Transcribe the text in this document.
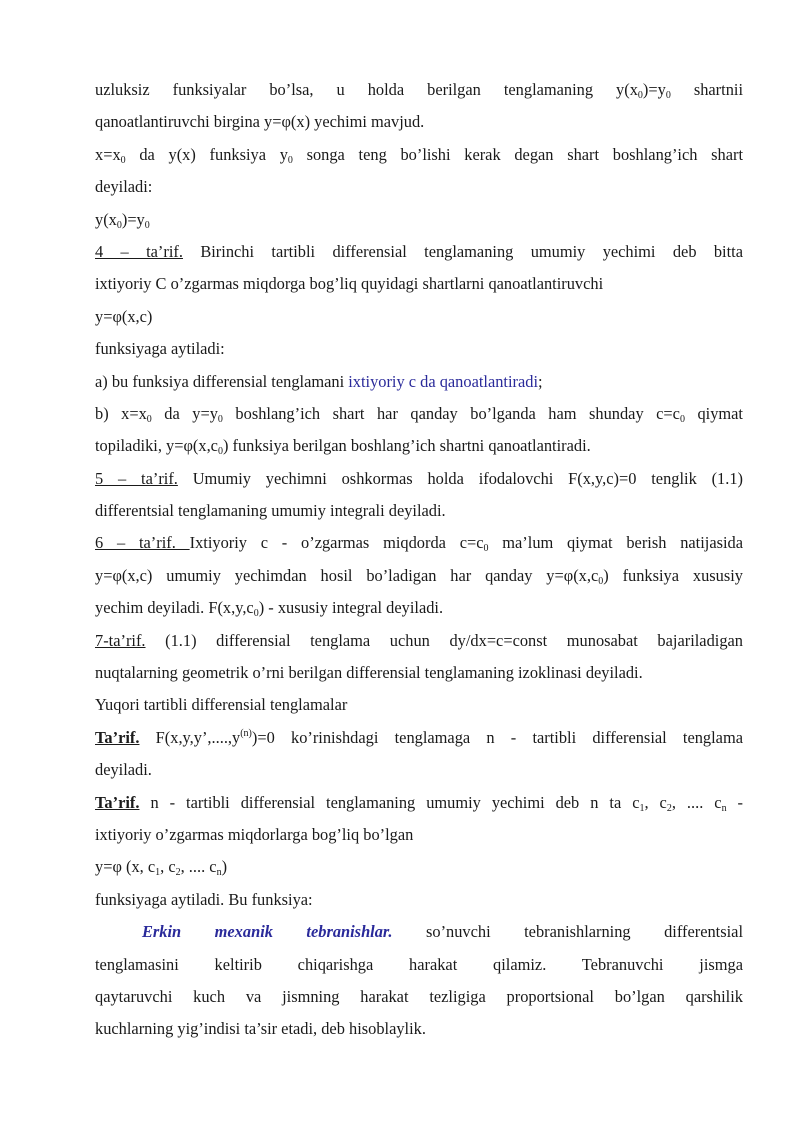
uzluksiz funksiyalar bo’lsa, u holda berilgan tenglamaning $y(x_0)=y_0$ shartnii
qanoatlantiruvchi birgina y=φ(x) yechimi mavjud.
$x=x_0$ da y(x) funksiya $y_0$ songa teng bo’lishi kerak degan shart boshlang’ich shart
deyiladi:
$y(x_0)=y_0$
4 – ta’rif. Birinchi tartibli differensial tenglamaning umumiy yechimi deb bitta
ixtiyoriy C o’zgarmas miqdorga bog’liq quyidagi shartlarni qanoatlantiruvchi
y=φ(x,c)
funksiyaga aytiladi:
a) bu funksiya differensial tenglamani ixtiyoriy c da qanoatlantiradi;
b) $x=x_0$ da $y=y_0$ boshlang’ich shart har qanday bo’lganda ham shunday $c=c_0$ qiymat
topiladiki, $y=\varphi(x,c_0)$ funksiya berilgan boshlang’ich shartni qanoatlantiradi.
5 – ta’rif. Umumiy yechimni oshkormas holda ifodalovchi F(x,y,c)=0 tenglik (1.1)
differentsial tenglamaning umumiy integrali deyiladi.
6 – ta’rif. Ixtiyoriy c - o’zgarmas miqdorda $c=c_0$ ma’lum qiymat berish natijasida
y=φ(x,c) umumiy yechimdan hosil bo’ladigan har qanday $y=\varphi(x,c_0)$ funksiya xususiy
yechim deyiladi. $F(x,y,c_0)$ - xususiy integral deyiladi.
7-ta’rif. (1.1) differensial tenglama uchun dy/dx=c=const munosabat bajariladigan
nuqtalarning geometrik o’rni berilgan differensial tenglamaning izoklinasi deyiladi.
Yuqori tartibli differensial tenglamalar
Ta’rif. $F(x,y,y’,....,y^{(n)})=0$ ko’rinishdagi tenglamaga n - tartibli differensial tenglama
deyiladi.
Ta’rif. n - tartibli differensial tenglamaning umumiy yechimi deb n ta $c_1$, $c_2$, .... $c_n$ -
ixtiyoriy o’zgarmas miqdorlarga bog’liq bo’lgan
y=φ (x, $c_1$, $c_2$, .... $c_n$)
funksiyaga aytiladi. Bu funksiya:
Erkin mexanik tebranishlar. so’nuvchi tebranishlarning differentsial
tenglamasini keltirib chiqarishga harakat qilamiz. Tebranuvchi jismga
qaytaruvchi kuch va jismning harakat tezligiga proportsional bo’lgan qarshilik
kuchlarning yig’indisi ta’sir etadi, deb hisoblaylik.
